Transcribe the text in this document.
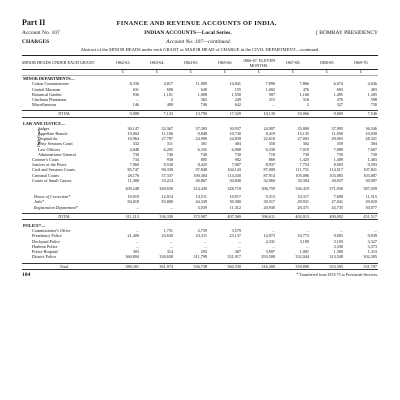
Part II	FINANCE AND REVENUE ACCOUNTS OF INDIA.
Account No. 107	INDIAN ACCOUNTS—Local Series.	[ BOMBAY PRESIDENCY
CHARGES	Account No. 107—continued.
Abstract of the MINOR HEADS under each GRANT or MAJOR HEAD of CHARGE in the CIVIL DEPARTMENT—continued.
MINOR HEADS UNDER EACH GRANT.	1862-63.	1863-64.	1864-65.	1865-66.	1866-67. ELEVEN MONTHS.	1867-68.	1868-69.	1869-70.
	£	£	£	£	£	£	£	£
MINOR DEPARTMENTS—								
Cotton Commissioner	8,330	4,817	11,089	14,841	7,890	7,866	6,074	4,636
Central Museum	631	690	649	155	1,002	476	693	403
Botanical Garden	936	1,101	1,008	1,550	907	1,166	1,495	1,305
Cinchona Plantation	...	2	302	229	315	316	476	598
Miscellaneous	146	409	746	642	...	2	327	730

TOTAL	9,088	7,133	13,790	17,329	10,139	10,066	9,069	7,546

LAW AND JUSTICE—								
Judges	30,147	32,367	37,393	30,937	24,907	35,000	37,995	36,546
Appellate Branch	10,004	11,106	9,848	10,730	8,419	15,135	11,050	10,030
Original do.	10,964	27,787	24,900	24,839	22,610	27,003	29,003	28,321
Petty Sessions Court	332	311	301	404	350	302	350	304
Law Officers	4,848	6,205	6,335	6,968	6,330	7,019	7,089	7,607
Administrator General	730	740	740	730	718	730	730	730
Coroner's Court	734	930	805	902	869	1,425	1,409	1,403
Justices of the Peace	7,060	8,530	8,425	7,907	8,937	7,754	8,003	9,393
Civil and Sessions Courts	85,747	90,339	97,848	104,143	87,000	111,731	114,517	107,821
Criminal Courts	28,176	37,337	100,304	114,330	87,914	105,086	103,083	103,087
Courts of Small Causes	11,380	10,214	30,867	30,840	32,060	30,304	30,037	30,907

	209,248	260,650	314,430	328,719	306,759	336,419	371,030	387,039

House of Correction*	19,019	12,014	14,511	10,917	9,313	10,317	7,690	11,515
Jails*	84,018	83,800	44,339	30,300	30,517	49,931	27,041	20,010
Registration Department*	...	...	3,039	11,312	20,930	20,371	43,735	30,077

TOTAL	311,213	336,330	373,907	407,369	396,611	402,013	400,092	451,517

POLICE*—								
Commissioner's Office	...	1,751	2,759	3,579	...	...	...	...
Presidency Police	21,400	23,630	23,311	23,137	14,973	10,773	9,003	9,039
Dockyard Police	...	...	...	...	4,331	3,190	3,103	3,327
Harbour Police	...	...	...	...	...	...	3,330	3,373
Police Hospital	303	314	293	307	3,907	1,001	1,300	1,313
District Police	360,804	330,638	311,799	331,917	293,500	332,044	313,549	302,305

Total	380,301	361,974	336,738	360,330	316,300	350,890	333,393	331,707
High Court.
104	* Transferred from 1874-75 to Provincial Services.
